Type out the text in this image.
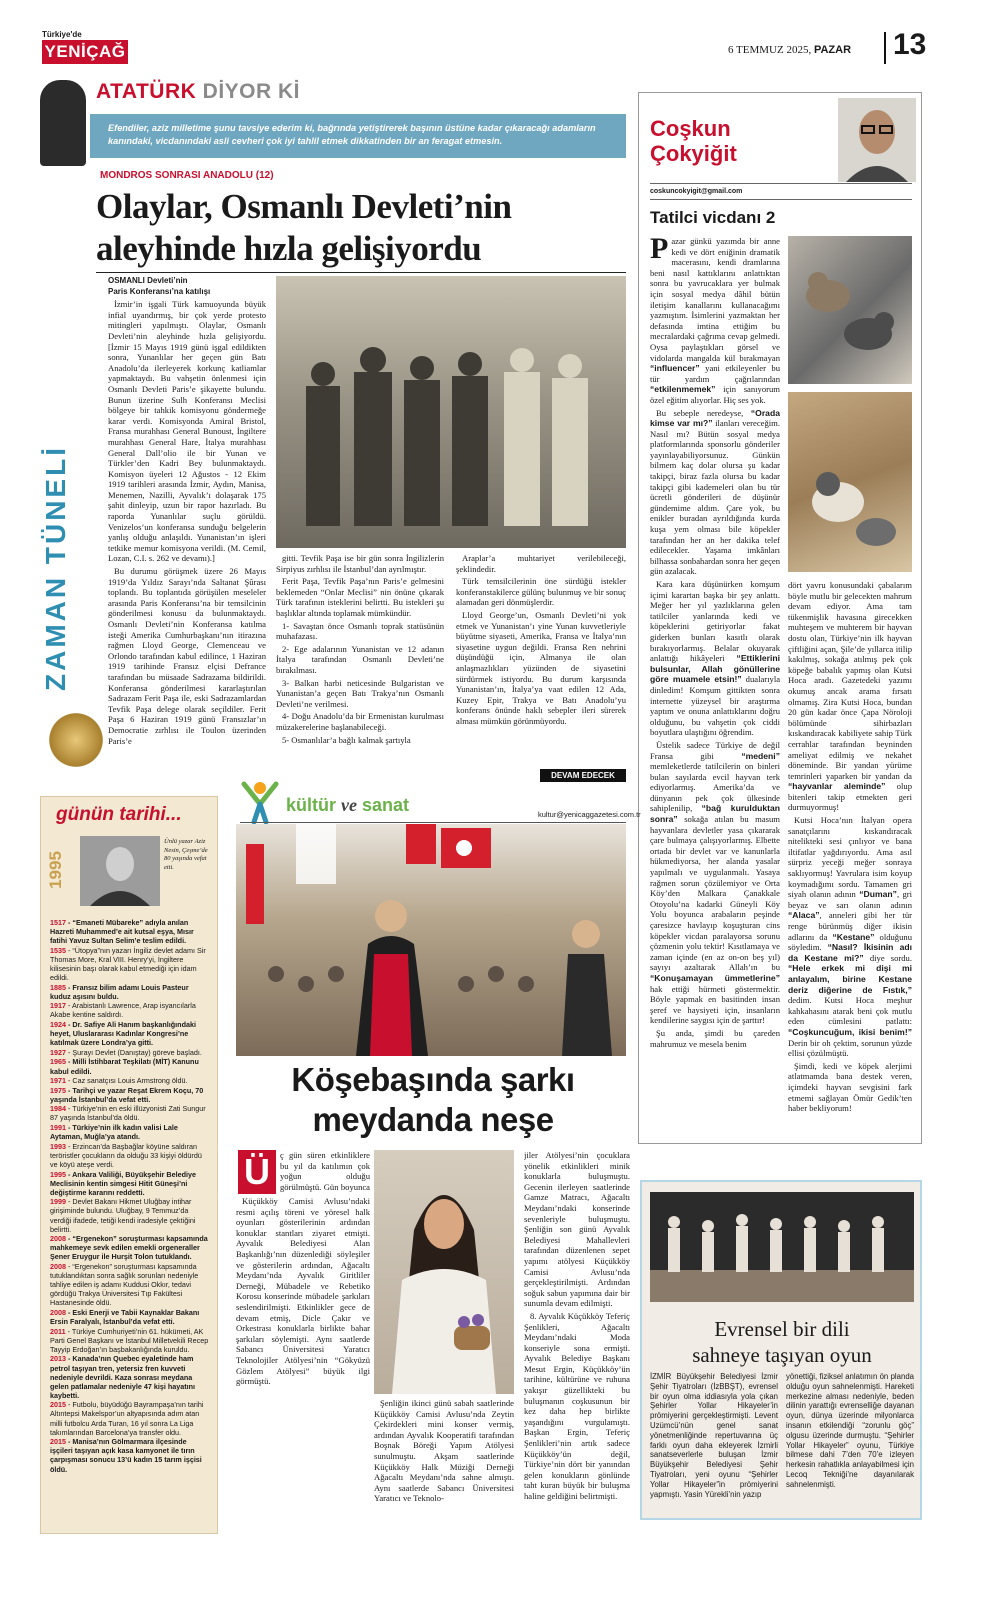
Türkiye'de
YENİÇAĞ	6 TEMMUZ 2025, PAZAR 13
ATATÜRK DİYOR Kİ
Efendiler, aziz milletime şunu tavsiye ederim ki, bağrında yetiştirerek başının üstüne kadar çıkaracağı adamların kanındaki, vicdanındaki asli cevheri çok iyi tahlil etmek dikkatinden bir an feragat etmesin.
MONDROS SONRASI ANADOLU (12)
Olaylar, Osmanlı Devleti’nin
aleyhinde hızla gelişiyordu
ZAMAN TÜNELİ

OSMANLI Devleti’nin
Paris Konferansı’na katılışı

İzmir’in işgali Türk kamuoyunda büyük infial uyandırmış, bir çok yerde protesto mitingleri yapılmıştı. Olaylar, Osmanlı Devleti’nin aleyhinde hızla gelişiyordu. [İzmir 15 Mayıs 1919 günü işgal edildikten sonra, Yunanlılar her geçen gün Batı Anadolu’da ilerleyerek korkunç katliamlar yapmaktaydı. Bu vahşetin önlenmesi için Osmanlı Devleti Paris’e şikayette bulundu. Bunun üzerine Sulh Konferansı Meclisi bölgeye bir tahkik komisyonu göndermeğe karar verdi. Komisyonda Amiral Bristol, Fransa murahhası General Bunoust, İngiltere murahhası General Hare, İtalya murahhası General Dall’olio ile bir Yunan ve Türkler’den Kadri Bey bulunmaktaydı. Komisyon üyeleri 12 Ağustos - 12 Ekim 1919 tarihleri arasında İzmir, Aydın, Manisa, Menemen, Nazilli, Ayvalık’ı dolaşarak 175 şahit dinleyip, uzun bir rapor hazırladı. Bu raporda Yunanlılar suçlu görüldü. Venizelos’un konferansa sunduğu belgelerin yanlış olduğu anlaşıldı. Yunanistan’ın işleri tetkike memur komisyona verildi. (M. Cemil, Lozan, C.I. s. 262 ve devamı).]

Bu durumu görüşmek üzere 26 Mayıs 1919’da Yıldız Sarayı’nda Saltanat Şûrası toplandı. Bu toplantıda görüşülen meseleler arasında Paris Konferansı’na bir temsilcinin gönderilmesi konusu da bulunmaktaydı. Osmanlı Devleti’nin Konferansa katılma isteği Amerika Cumhurbaşkanı’nın itirazına rağmen Lloyd George, Clemenceau ve Orlondo tarafından kabul edilince, 1 Haziran 1919 tarihinde Fransız elçisi Defrance tarafından bu müsaade Sadrazama bildirildi. Konferansa gönderilmesi kararlaştırılan Sadrazam Ferit Paşa ile, eski Sadrazamlardan Tevfik Paşa delege olarak seçildiler. Ferit Paşa 6 Haziran 1919 günü Fransızlar’ın Democratie zırhlısı ile Toulon üzerinden Paris’e

gitti. Tevfik Paşa ise bir gün sonra İngilizlerin Sirpiyus zırhlısı ile İstanbul’dan ayrılmıştır.

Ferit Paşa, Tevfik Paşa’nın Paris’e gelmesini beklemeden “Onlar Meclisi” nin önüne çıkarak Türk tarafının isteklerini belirtti. Bu istekleri şu başlıklar altında toplamak mümkündür.

1- Savaştan önce Osmanlı toprak statüsünün muhafazası.

2- Ege adalarının Yunanistan ve 12 adanın İtalya tarafından Osmanlı Devleti’ne bırakılması.

3- Balkan harbi neticesinde Bulgaristan ve Yunanistan’a geçen Batı Trakya’nın Osmanlı Devleti’ne verilmesi.

4- Doğu Anadolu’da bir Ermenistan kurulması müzakerelerine başlanabileceği.

5- Osmanlılar’a bağlı kalmak şartıyla

Araplar’a muhtariyet verilebileceği, şeklindedir.

Türk temsilcilerinin öne sürdüğü istekler konferanstakilerce gülünç bulunmuş ve bir sonuç alamadan geri dönmüşlerdir.

Lloyd George’un, Osmanlı Devleti’ni yok etmek ve Yunanistan’ı yine Yunan kuvvetleriyle büyütme siyaseti, Amerika, Fransa ve İtalya’nın siyasetine uygun değildi. Fransa Ren nehrini düşündüğü için, Almanya ile olan anlaşmazlıkları yüzünden de siyasetini sürdürmek istiyordu. Bu durum karşısında Yunanistan’ın, İtalya’ya vaat edilen 12 Ada, Kuzey Epir, Trakya ve Batı Anadolu’yu konferans önünde haklı sebepler ileri sürerek alması mümkün görünmüyordu.

DEVAM EDECEK
Coşkun
Çokyiğit
coskuncokyigit@gmail.com
Tatilci vicdanı 2

Pazar günkü yazımda bir anne kedi ve dört eniğinin dramatik macerasını, kendi dramlarına beni nasıl kattıklarını anlattıktan sonra bu yavrucaklara yer bulmak için sosyal medya dâhil bütün iletişim kanallarını kullanacağımı yazmıştım. İsimlerini yazmaktan her defasında imtina ettiğim bu mecralardaki çağrıma cevap gelmedi. Oysa paylaştıkları görsel ve vidolarda mangalda kül bırakmayan “influencer” yani etkileyenler bu tür yardım çağrılarından “etkilenmemek” için sanıyorum özel eğitim alıyorlar. Hiç ses yok.

Bu sebeple neredeyse, “Orada kimse var mı?” ilanları vereceğim. Nasıl mı? Bütün sosyal medya platformlarında sponsorlu gönderiler yayınlayabiliyorsunuz. Günkün bilmem kaç dolar olursa şu kadar takipçi, biraz fazla olursa bu kadar takipçi gibi kademeleri olan bu tür ücretli gönderileri de düşünür gündemime aldım. Çare yok, bu enikler buradan ayrıldığında kurda kuşa yem olması bile köpekler tarafından her an her dakika telef edilecekler. Yaşama imkânları bilhassa sonbahardan sonra her geçen gün azalacak.

Kara kara düşünürken komşum içimi karartan başka bir şey anlattı. Meğer her yıl yazlıklarına gelen tatilciler yanlarında kedi ve köpeklerini getiriyorlar fakat giderken bunları kasıtlı olarak bırakıyorlarmış. Belalar okuyarak anlattığı hikâyeleri “Ettiklerini bulsunlar, Allah gönüllerine göre muamele etsin!” dualarıyla dinledim! Komşum gittikten sonra internette yüzeysel bir araştırma yaptım ve onuna anlattıklarını doğru olduğunu, bu vahşetin çok ciddi boyutlara ulaştığını öğrendim.

Üstelik sadece Türkiye de değil Fransa gibi	“medeni” memleketlerde tatilcilerin on binleri bulan sayılarda evcil hayvan terk ediyorlarmış. Amerika’da ve dünyanın pek çok ülkesinde sahiplenilip, “bağ kurulduktan sonra” sokağa atılan bu masum hayvanlara devletler yasa çıkararak çare bulmaya çalışıyorlarmış. Elbette ortada bir devlet var ve kanunlarla hükmediyorsa, her alanda yasalar yapılmalı ve uygulanmalı. Yasaya rağmen sorun çözülemiyor ve Orta Köy’den Malkara Çanakkale Otoyolu’na kadarki Güneyli Köy Yolu boyunca arabaların peşinde çaresizce havlayıp koşuşturan cins köpekler vicdan paralayorsa sorunu çözmenin yolu tektir! Kısıtlamaya ve zaman içinde (en az on-on beş yıl) sayıyı azaltarak Allah’ın bu “Konuşamayan ümmetlerine” hak ettiği hürmeti göstermektir. Böyle yapmak en basitinden insan şeref ve haysiyeti için, insanların kendilerine saygısı için de şarttır!

Şu anda, şimdi bu çareden mahrumuz ve mesela benim

dört yavru konusundaki çabalarım böyle mutlu bir gelecekten mahrum devam ediyor. Ama tam tükenmişlik havasına girecekken muhteşem ve muhterem bir hayvan dostu olan, Türkiye’nin ilk hayvan çiftliğini açan, Şile’de yıllarca itilip kakılmış, sokağa atılmış pek çok köpeğe babalık yapmış olan Kutsi Hoca aradı. Gazetedeki yazımı okumuş ancak arama fırsatı olmamış. Zira Kutsi Hoca, bundan 20 gün kadar önce Çapa Nöroloji bölümünde sihirbazları kıskandıracak kabiliyete sahip Türk cerrahlar tarafından beyninden ameliyat edilmiş ve nekahet döneminde. Bir yandan yürüme temrinleri yaparken bir yandan da “hayvanlar aleminde” olup bitenleri takip etmekten geri durmuyormuş!

Kutsi Hoca’nın İtalyan opera sanatçılarını kıskandıracak nitelikteki sesi çınlıyor ve bana iltifatlar yağdırıyordu. Ama asıl sürpriz yeceği meğer sonraya saklıyormuş! Yavrulara isim koyup koymadığımı sordu. Tamamen gri siyah olanın adının “Duman”, gri beyaz ve sarı olanın adının “Alaca”, anneleri gibi her tür renge bürünmüş diğer ikisin adlarını da “Kestane” olduğunu söyledim. “Nasıl? İkisinin adı da Kestane mi?” diye sordu. “Hele erkek mi dişi mi anlayalım, birine Kestane deriz diğerine de Fıstık,” dedim. Kutsi Hoca meşhur kahkahasını atarak beni çok mutlu eden cümlesini patlattı: “Coşkuncuğum, ikisi benim!” Derin bir oh çektim, sorunun yüzde ellisi çözülmüştü.

Şimdi, kedi ve köpek alerjimi atlatmamda bana destek veren, içimdeki hayvan sevgisini fark etmemi sağlayan Ömür Gedik’ten haber bekliyorum!

günün tarihi...
1995
Ünlü yazar Aziz Nesin, Çeşme’de 80 yaşında vefat etti.
1517 - “Emaneti Mübareke” adıyla anılan Hazreti Muhammed’e ait kutsal eşya, Mısır fatihi Yavuz Sultan Selim’e teslim edildi.
1535 - “Ütopya”nın yazarı İngiliz devlet adamı Sir Thomas More, Kral VIII. Henry’yi, İngiltere kilisesinin başı olarak kabul etmediği için idam edildi.
1885 - Fransız bilim adamı Louis Pasteur kuduz aşısını buldu.
1917 - Arabistanlı Lawrence, Arap isyancılarla Akabe kentine saldırdı.
1924 - Dr. Safiye Ali Hanım başkanlığındaki heyet, Uluslararası Kadınlar Kongresi’ne katılmak üzere Londra’ya gitti.
1927 - Şurayı Devlet (Danıştay) göreve başladı.
1965 - Milli İstihbarat Teşkilatı (MİT) Kanunu kabul edildi.
1971 - Caz sanatçısı Louis Armstrong öldü.
1975 - Tarihçi ve yazar Reşat Ekrem Koçu, 70 yaşında İstanbul’da vefat etti.
1984 - Türkiye’nin en eski illüzyonisti Zati Sungur 87 yaşında İstanbul’da öldü.
1991 - Türkiye’nin ilk kadın valisi Lale Aytaman, Muğla’ya atandı.
1993 - Erzincan’da Başbağlar köyüne saldıran teröristler çocukların da olduğu 33 kişiyi öldürdü ve köyü ateşe verdi.
1995 - Ankara Valiliği, Büyükşehir Belediye Meclisinin kentin simgesi Hitit Güneşi’ni değiştirme kararını reddetti.
1999 - Devlet Bakanı Hikmet Uluğbay intihar girişiminde bulundu. Uluğbay, 9 Temmuz’da verdiği ifadede, tetiği kendi iradesiyle çektiğini belirtti.
2008 - “Ergenekon” soruşturması kapsamında mahkemeye sevk edilen emekli orgeneraller Şener Eruygur ile Hurşit Tolon tutuklandı.
2008 - “Ergenekon” soruşturması kapsamında tutuklandıktan sonra sağlık sorunları nedeniyle tahliye edilen iş adamı Kuddusi Okkır, tedavi gördüğü Trakya Üniversitesi Tıp Fakültesi Hastanesinde öldü.
2008 - Eski Enerji ve Tabii Kaynaklar Bakanı Ersin Faralyalı, İstanbul’da vefat etti.
2011 - Türkiye Cumhuriyeti’nin 61. hükümeti, AK Parti Genel Başkanı ve İstanbul Milletvekili Recep Tayyip Erdoğan’ın başbakanlığında kuruldu.
2013 - Kanada’nın Quebec eyaletinde ham petrol taşıyan tren, yetersiz fren kuvveti nedeniyle devrildi. Kaza sonrası meydana gelen patlamalar nedeniyle 47 kişi hayatını kaybetti.
2015 - Futbolu, büyüdüğü Bayrampaşa’nın tarihi Altıntepsi Makelspor’un altyapısında adım atan milli futbolcu Arda Turan, 16 yıl sonra La Liga takımlarından Barcelona’ya transfer oldu.
2015 - Manisa’nın Gölmarmara ilçesinde işçileri taşıyan açık kasa kamyonet ile tırın çarpışması sonucu 13’ü kadın 15 tarım işçisi öldü.
kültür ve sanat	kultur@yenicaggazetesi.com.tr
Köşebaşında şarkı
meydanda neşe
Ü	ç gün süren etkinliklere bu yıl da katılımın çok yoğun olduğu görülmüştü. Gün boyunca

Küçükköy Camisi Avlusu’ndaki resmi açılış töreni ve yöresel halk oyunları gösterilerinin ardından konuklar stantları ziyaret etmişti. Ayvalık Belediyesi Alan Başkanlığı’nın düzenlediği söyleşiler ve gösterilerin ardından, Ağacaltı Meydanı’nda Ayvalık Giritliler Derneği, Mübadele ve Rebetiko Korosu konserinde mübadele şarkıları seslendirilmişti. Etkinlikler gece de devam etmiş, Dicle Çakır ve Orkestrası konuklarla birlikte bahar şarkıları söylemişti. Aynı saatlerde Sabancı Üniversitesi Yaratıcı Teknolojiler Atölyesi’nin “Gökyüzü Gözlem Atölyesi” büyük ilgi görmüştü.

Şenliğin ikinci günü sabah saatlerinde Küçükköy Camisi Avlusu’nda Zeytin Çekirdekleri mini konser vermiş, ardından Ayvalık Kooperatifi tarafından Boşnak Böreği Yapım Atölyesi sunulmuştu. Akşam saatlerinde Küçükköy Halk Müziği Derneği Ağacaltı Meydanı’nda sahne almıştı. Aynı saatlerde Sabancı Üniversitesi Yaratıcı ve Teknolo-

jiler Atölyesi’nin çocuklara yönelik etkinlikleri minik konuklarla buluşmuştu. Gecenin ilerleyen saatlerinde Gamze Matracı, Ağacaltı Meydanı’ndaki konserinde sevenleriyle buluşmuştu. Şenliğin son günü Ayvalık Belediyesi Mahallevleri tarafından düzenlenen sepet yapımı atölyesi Küçükköy Camisi Avlusu’nda gerçekleştirilmişti. Ardından soğuk sabun yapımına dair bir sunumla devam edilmişti.

8. Ayvalık Küçükköy Teferiç Şenlikleri, Ağacaltı Meydanı’ndaki Moda konseriyle sona ermişti. Ayvalık Belediye Başkanı Mesut Ergin, Küçükköy’ün tarihine, kültürüne ve ruhuna yakışır güzellikteki bu buluşmanın coşkusunun bir kez daha hep birlikte yaşandığını vurgulamıştı. Başkan Ergin, Teferiç Şenlikleri’nin artık sadece Küçükköy’ün değil, Türkiye’nin dört bir yanından gelen konukların gönlünde taht kuran büyük bir buluşma haline geldiğini belirtmişti.

Evrensel bir dili
sahneye taşıyan oyun
İZMİR Büyükşehir Belediyesi İzmir Şehir Tiyatroları (İzBBŞT), evrensel bir oyun olma iddiasıyla yola çıkan Şehirler Yollar Hikayeler’in prömiyerini gerçekleştirmişti. Levent Uzümcü’nün genel sanat yönetmenliğinde repertuvarına üç farklı oyun daha ekleyerek İzmirli sanatseverlerle buluşan İzmir Büyükşehir Belediyesi Şehir Tiyatroları, yeni oyunu “Şehirler Yollar Hikayeler”in prömiyerini yapmıştı. Yasin Yürekli’nin yazıp
yönettiği, fiziksel anlatımın ön planda olduğu oyun sahnelenmişti. Hareketi merkezine alması nedeniyle, beden dilinin yarattığı evrenselliğe dayanan oyun, dünya üzerinde milyonlarca insanın etkilendiği “zorunlu göç” olgusu üzerinde durmuştu. “Şehirler Yollar Hikayeler” oyunu, Türkiye bilmese dahi 7’den 70’e izleyen herkesin rahatlıkla anlayabilmesi için Lecoq Tekniği’ne dayanılarak sahnelenmişti.
